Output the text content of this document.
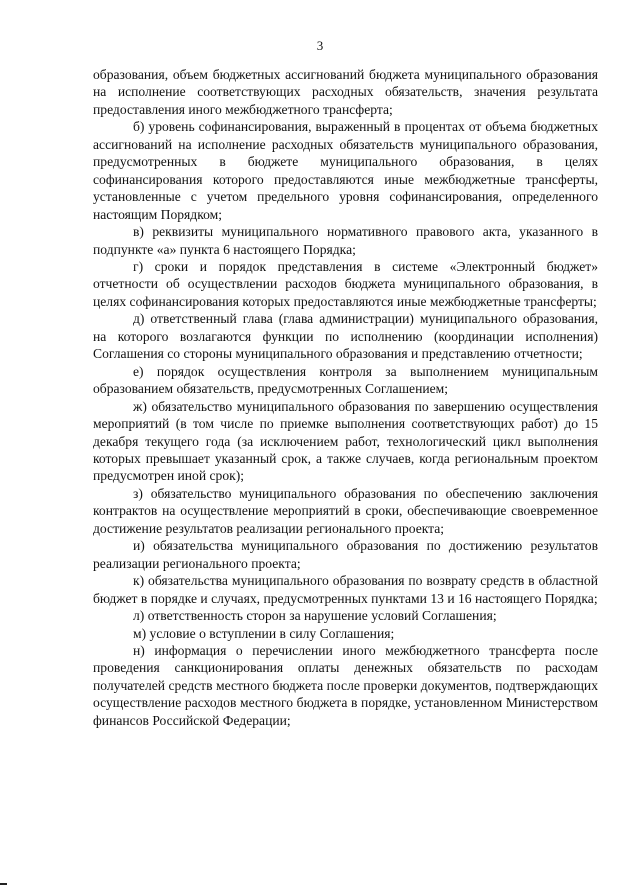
3

образования, объем бюджетных ассигнований бюджета муниципального образования на исполнение соответствующих расходных обязательств, значения результата предоставления иного межбюджетного трансферта;

б) уровень софинансирования, выраженный в процентах от объема бюджетных ассигнований на исполнение расходных обязательств муниципального образования, предусмотренных в бюджете муниципального образования, в целях софинансирования которого предоставляются иные межбюджетные трансферты, установленные с учетом предельного уровня софинансирования, определенного настоящим Порядком;

в) реквизиты муниципального нормативного правового акта, указанного в подпункте «а» пункта 6 настоящего Порядка;

г) сроки и порядок представления в системе «Электронный бюджет» отчетности об осуществлении расходов бюджета муниципального образования, в целях софинансирования которых предоставляются иные межбюджетные трансферты;

д) ответственный глава (глава администрации) муниципального образования, на которого возлагаются функции по исполнению (координации исполнения) Соглашения со стороны муниципального образования и представлению отчетности;

е) порядок осуществления контроля за выполнением муниципальным образованием обязательств, предусмотренных Соглашением;

ж) обязательство муниципального образования по завершению осуществления мероприятий (в том числе по приемке выполнения соответствующих работ) до 15 декабря текущего года (за исключением работ, технологический цикл выполнения которых превышает указанный срок, а также случаев, когда региональным проектом предусмотрен иной срок);

з) обязательство муниципального образования по обеспечению заключения контрактов на осуществление мероприятий в сроки, обеспечивающие своевременное достижение результатов реализации регионального проекта;

и) обязательства муниципального образования по достижению результатов реализации регионального проекта;

к) обязательства муниципального образования по возврату средств в областной бюджет в порядке и случаях, предусмотренных пунктами 13 и 16 настоящего Порядка;

л) ответственность сторон за нарушение условий Соглашения;

м) условие о вступлении в силу Соглашения;

н) информация о перечислении иного межбюджетного трансферта после проведения санкционирования оплаты денежных обязательств по расходам получателей средств местного бюджета после проверки документов, подтверждающих осуществление расходов местного бюджета в порядке, установленном Министерством финансов Российской Федерации;
